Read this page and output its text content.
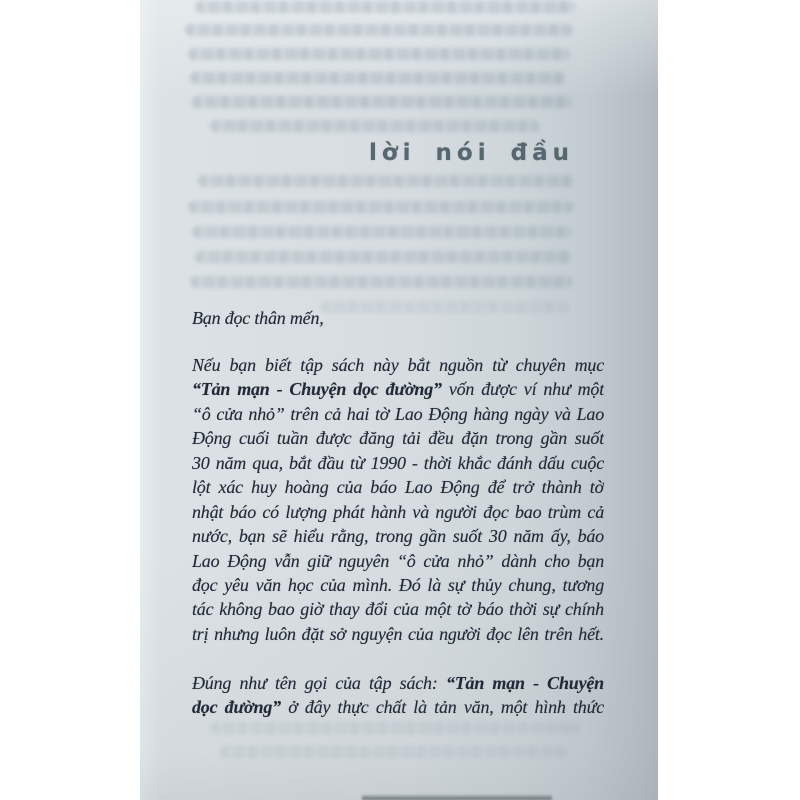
lời nói đầu
Bạn đọc thân mến,
Nếu bạn biết tập sách này bắt nguồn từ chuyên mục
“Tản mạn - Chuyện dọc đường” vốn được ví như một
“ô cửa nhỏ” trên cả hai tờ Lao Động hàng ngày và Lao
Động cuối tuần được đăng tải đều đặn trong gần suốt
30 năm qua, bắt đầu từ 1990 - thời khắc đánh dấu cuộc
lột xác huy hoàng của báo Lao Động để trở thành tờ
nhật báo có lượng phát hành và người đọc bao trùm cả
nước, bạn sẽ hiểu rằng, trong gần suốt 30 năm ấy, báo
Lao Động vẫn giữ nguyên “ô cửa nhỏ” dành cho bạn
đọc yêu văn học của mình. Đó là sự thủy chung, tương
tác không bao giờ thay đổi của một tờ báo thời sự chính
trị nhưng luôn đặt sở nguyện của người đọc lên trên hết.
Đúng như tên gọi của tập sách: “Tản mạn - Chuyện
dọc đường” ở đây thực chất là tản văn, một hình thức
